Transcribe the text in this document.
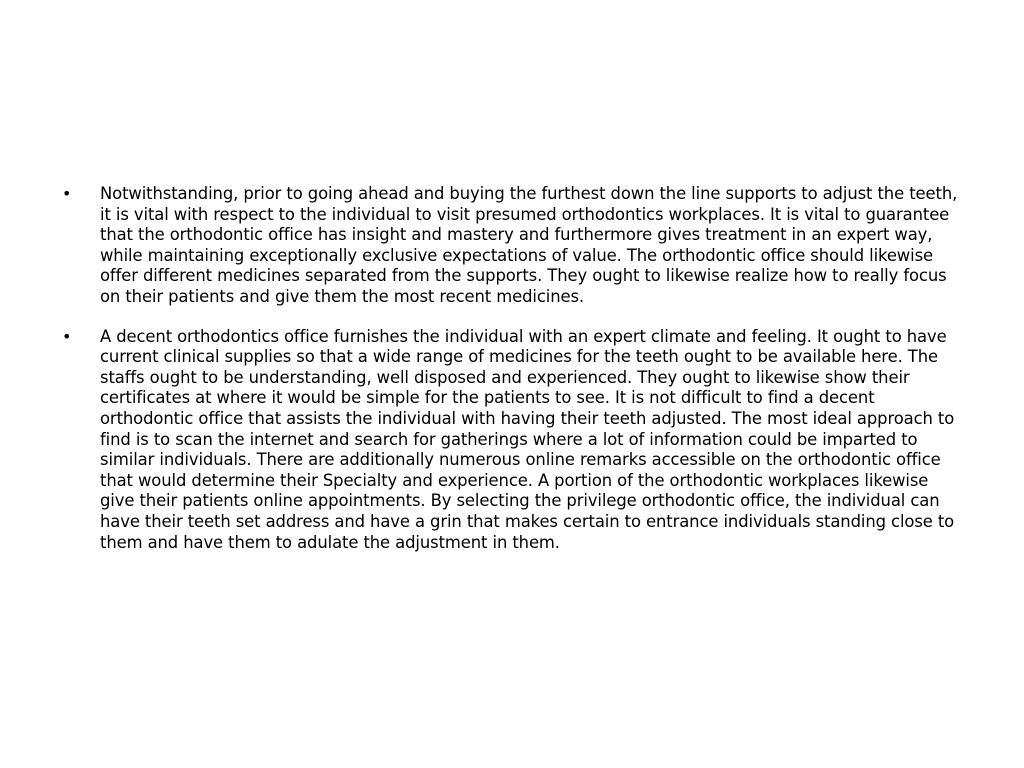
•	Notwithstanding, prior to going ahead and buying the furthest down the line supports to adjust the teeth, it is vital with respect to the individual to visit presumed orthodontics workplaces. It is vital to guarantee that the orthodontic office has insight and mastery and furthermore gives treatment in an expert way, while maintaining exceptionally exclusive expectations of value. The orthodontic office should likewise offer different medicines separated from the supports. They ought to likewise realize how to really focus on their patients and give them the most recent medicines.
•	A decent orthodontics office furnishes the individual with an expert climate and feeling. It ought to have current clinical supplies so that a wide range of medicines for the teeth ought to be available here. The staffs ought to be understanding, well disposed and experienced. They ought to likewise show their certificates at where it would be simple for the patients to see. It is not difficult to find a decent orthodontic office that assists the individual with having their teeth adjusted. The most ideal approach to find is to scan the internet and search for gatherings where a lot of information could be imparted to similar individuals. There are additionally numerous online remarks accessible on the orthodontic office that would determine their Specialty and experience. A portion of the orthodontic workplaces likewise give their patients online appointments. By selecting the privilege orthodontic office, the individual can have their teeth set address and have a grin that makes certain to entrance individuals standing close to them and have them to adulate the adjustment in them.
